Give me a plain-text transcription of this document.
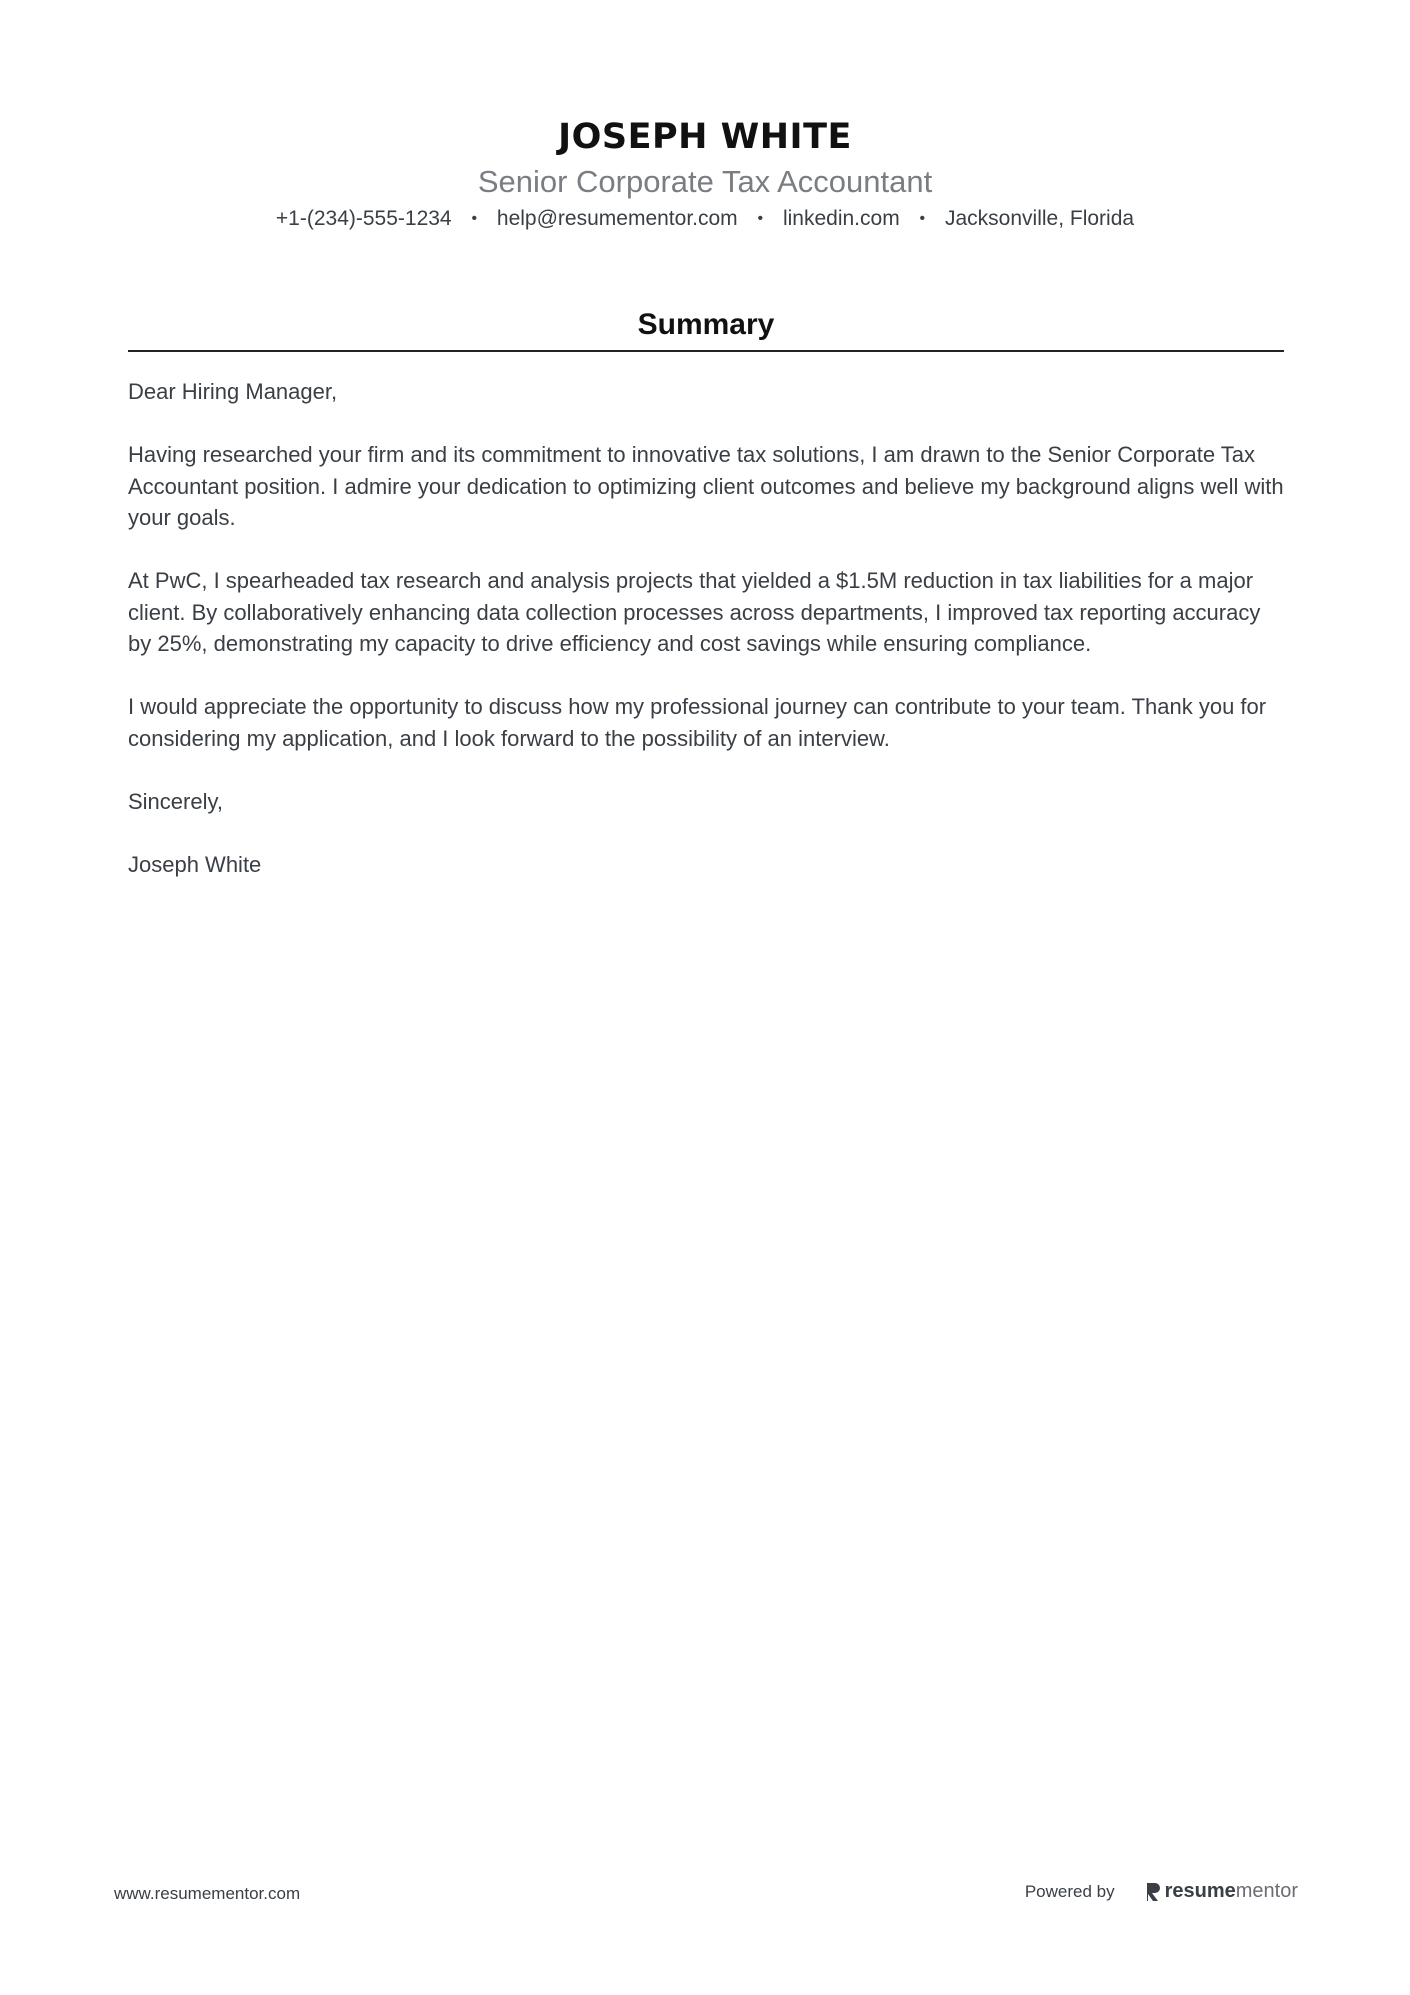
JOSEPH WHITE
Senior Corporate Tax Accountant
+1-(234)-555-1234 • help@resumementor.com • linkedin.com • Jacksonville, Florida
Summary

Dear Hiring Manager,

Having researched your firm and its commitment to innovative tax solutions, I am drawn to the Senior Corporate Tax Accountant position. I admire your dedication to optimizing client outcomes and believe my background aligns well with your goals.

At PwC, I spearheaded tax research and analysis projects that yielded a $1.5M reduction in tax liabilities for a major client. By collaboratively enhancing data collection processes across departments, I improved tax reporting accuracy by 25%, demonstrating my capacity to drive efficiency and cost savings while ensuring compliance.

I would appreciate the opportunity to discuss how my professional journey can contribute to your team. Thank you for considering my application, and I look forward to the possibility of an interview.

Sincerely,

Joseph White

www.resumementor.com	Powered by	resumementor
